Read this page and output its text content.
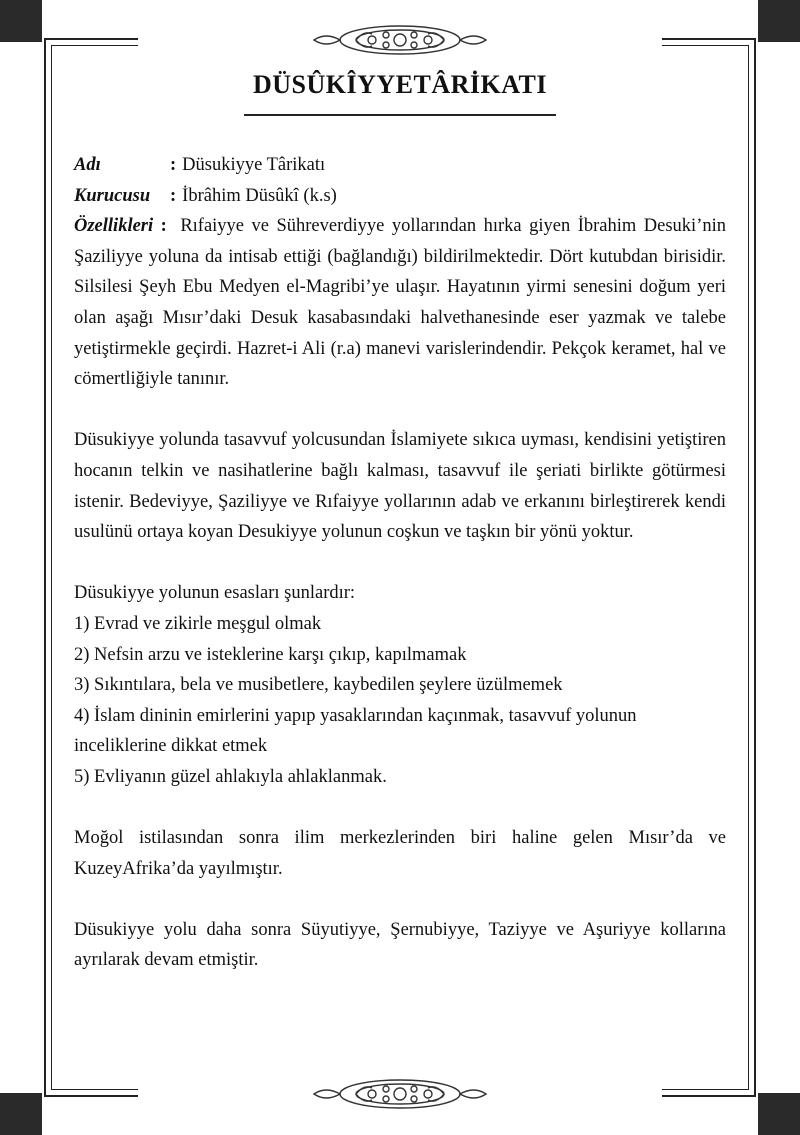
DÜSÛKÎYYETÂRİKATI
Adı	: Düsukiyye Târikatı
Kurucusu	: İbrâhim Düsûkî (k.s)

Özellikleri : Rıfaiyye ve Sühreverdiyye yollarından hırka giyen İbrahim Desuki’nin Şaziliyye yoluna da intisab ettiği (bağlandığı) bildirilmektedir. Dört kutubdan birisidir. Silsilesi Şeyh Ebu Medyen el-Magribi’ye ulaşır. Hayatının yirmi senesini doğum yeri olan aşağı Mısır’daki Desuk kasabasındaki halvethanesinde eser yazmak ve talebe yetiştirmekle geçirdi. Hazret-i Ali (r.a) manevi varislerindendir. Pekçok keramet, hal ve cömertliğiyle tanınır.

Düsukiyye yolunda tasavvuf yolcusundan İslamiyete sıkıca uyması, kendisini yetiştiren hocanın telkin ve nasihatlerine bağlı kalması, tasavvuf ile şeriati birlikte götürmesi istenir. Bedeviyye, Şaziliyye ve Rıfaiyye yollarının adab ve erkanını birleştirerek kendi usulünü ortaya koyan Desukiyye yolunun coşkun ve taşkın bir yönü yoktur.

Düsukiyye yolunun esasları şunlardır:

1) Evrad ve zikirle meşgul olmak

2) Nefsin arzu ve isteklerine karşı çıkıp, kapılmamak

3) Sıkıntılara, bela ve musibetlere, kaybedilen şeylere üzülmemek

4) İslam dininin emirlerini yapıp yasaklarından kaçınmak, tasavvuf yolunun inceliklerine dikkat etmek

5) Evliyanın güzel ahlakıyla ahlaklanmak.

Moğol istilasından sonra ilim merkezlerinden biri haline gelen Mısır’da ve KuzeyAfrika’da yayılmıştır.

Düsukiyye yolu daha sonra Süyutiyye, Şernubiyye, Taziyye ve Aşuriyye kollarına ayrılarak devam etmiştir.
